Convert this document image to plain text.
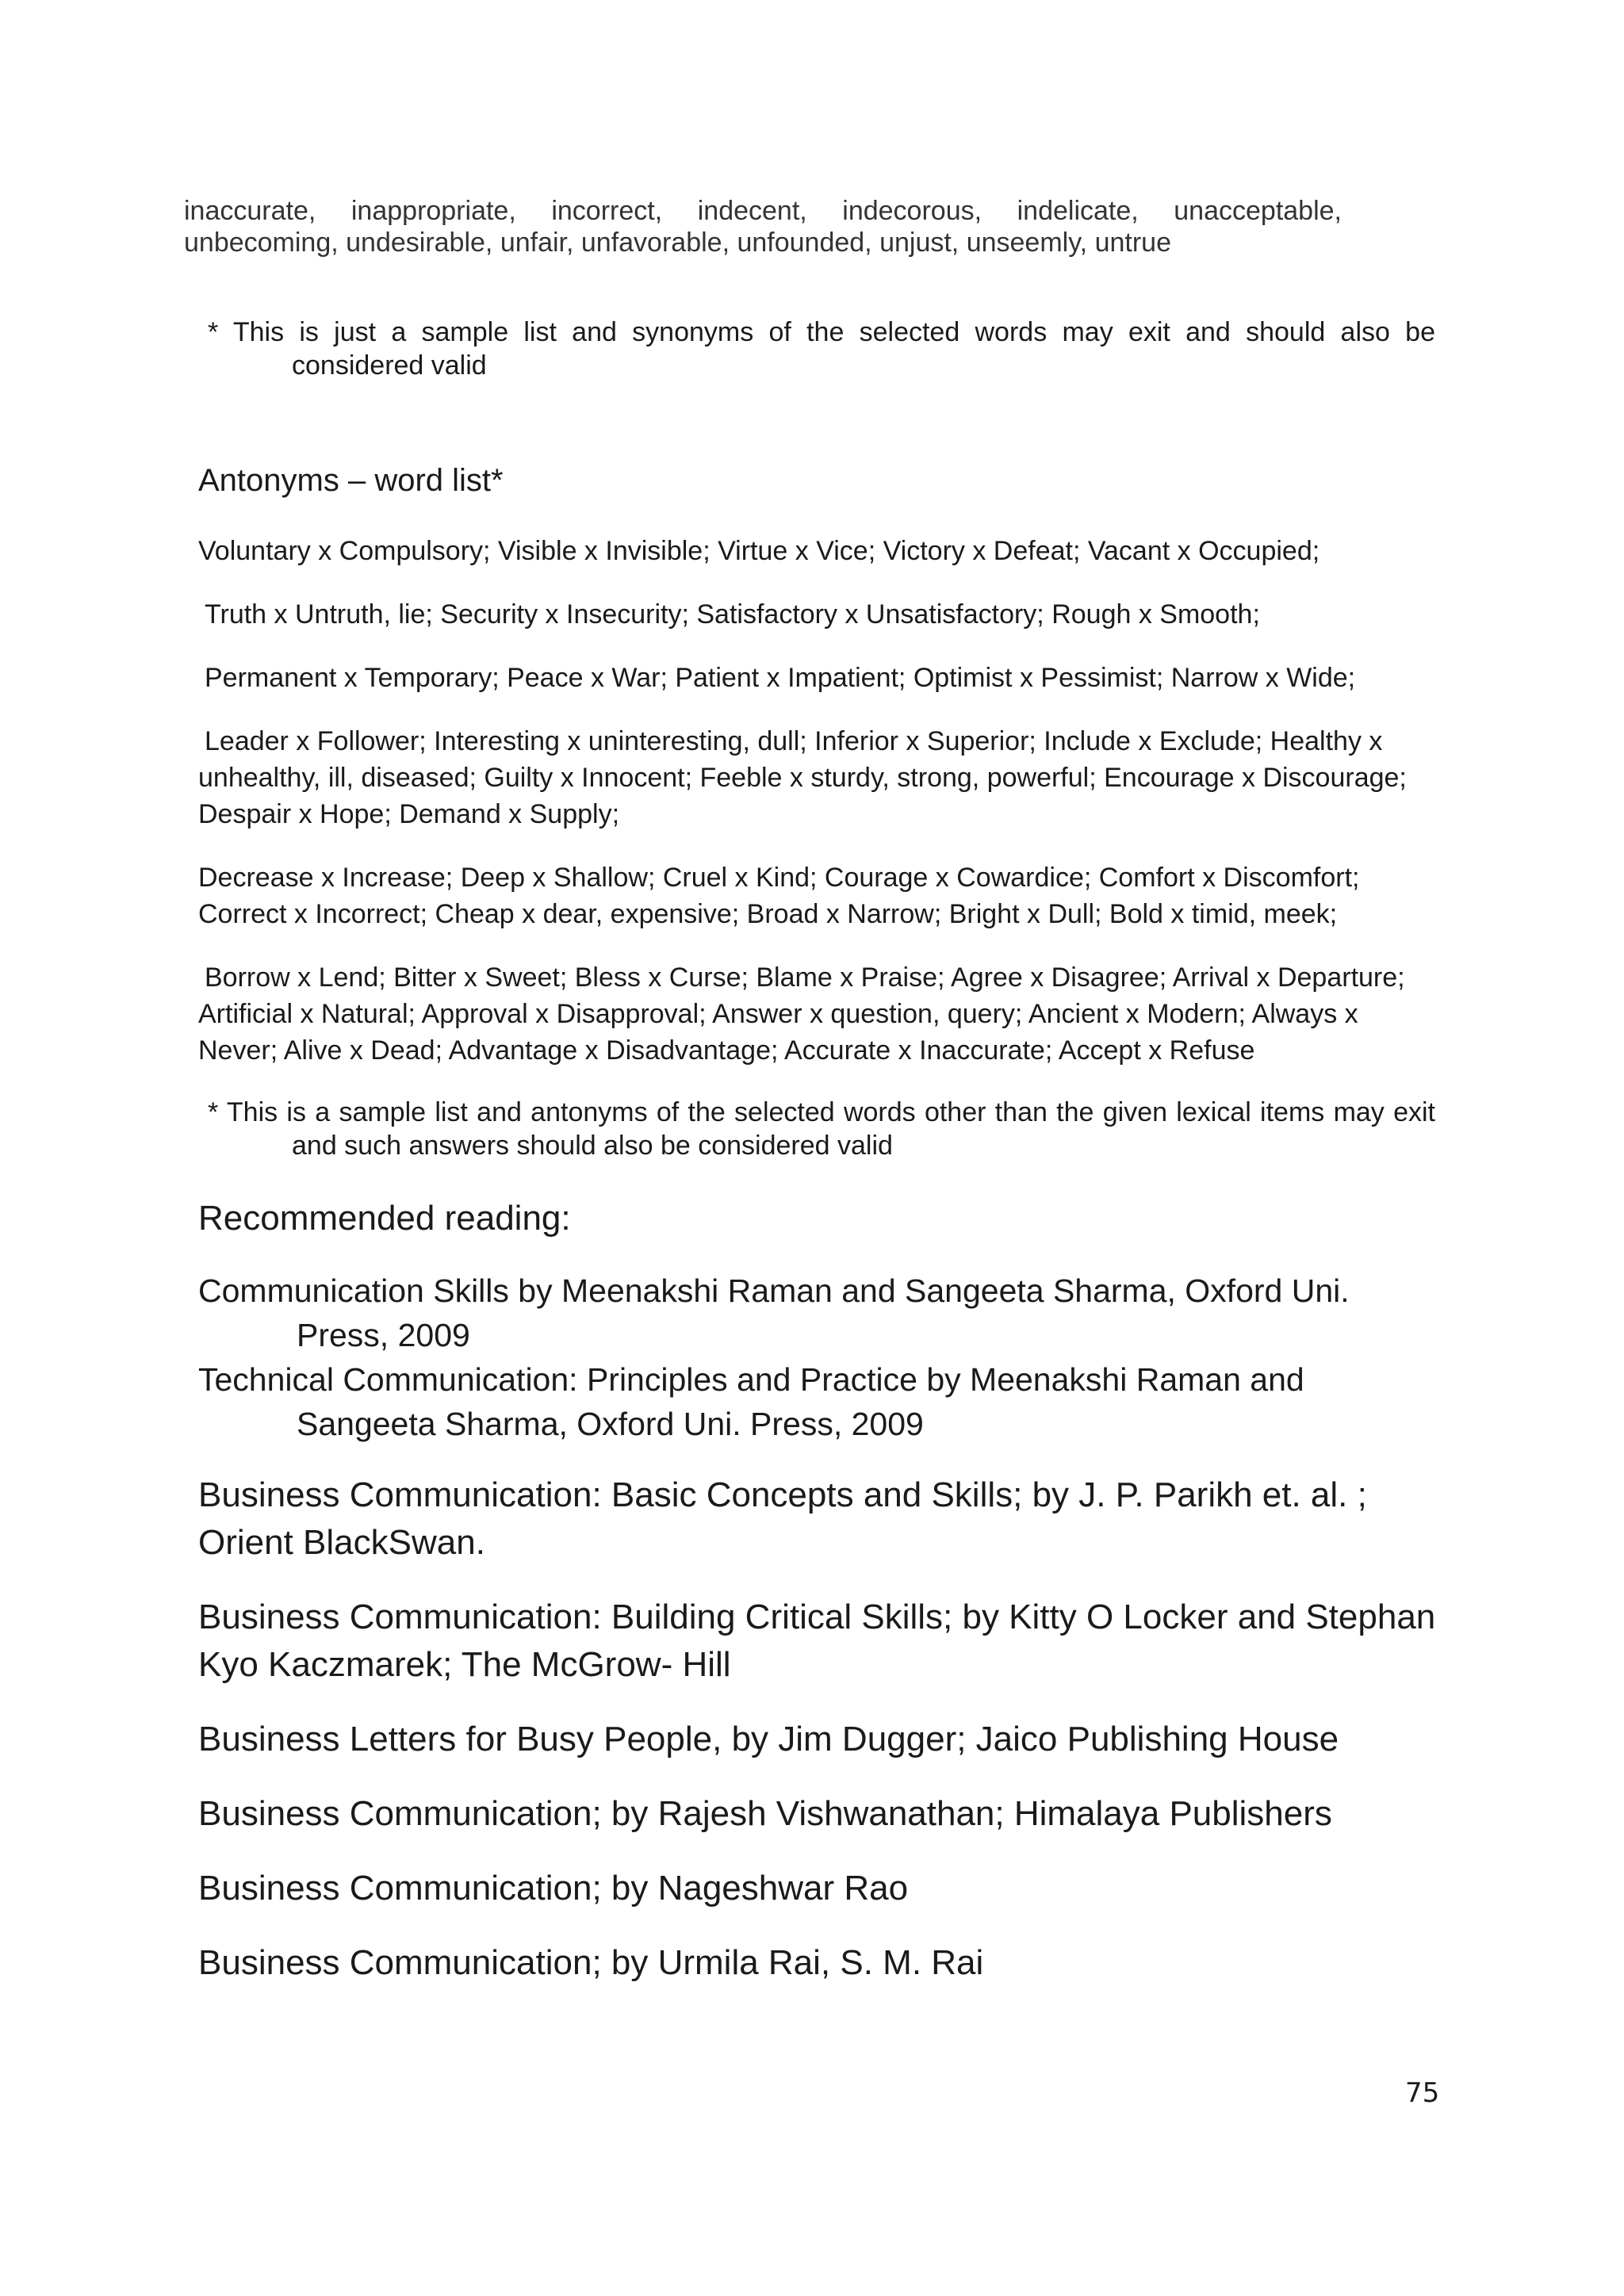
inaccurate, inappropriate, incorrect, indecent, indecorous, indelicate, unacceptable,
unbecoming, undesirable, unfair, unfavorable, unfounded, unjust, unseemly, untrue
* This is just a sample list and synonyms of the selected words may exit and should also be
considered valid
Antonyms – word list*

Voluntary x Compulsory; Visible x Invisible; Virtue x Vice; Victory x Defeat; Vacant x Occupied;

Truth x Untruth, lie; Security x Insecurity; Satisfactory x Unsatisfactory; Rough x Smooth;

Permanent x Temporary; Peace x War; Patient x Impatient; Optimist x Pessimist; Narrow x Wide;

Leader x Follower; Interesting x uninteresting, dull; Inferior x Superior; Include x Exclude; Healthy x unhealthy, ill, diseased; Guilty x Innocent; Feeble x sturdy, strong, powerful; Encourage x Discourage; Despair x Hope; Demand x Supply;

Decrease x Increase; Deep x Shallow; Cruel x Kind; Courage x Cowardice; Comfort x Discomfort; Correct x Incorrect; Cheap x dear, expensive; Broad x Narrow; Bright x Dull; Bold x timid, meek;

Borrow x Lend; Bitter x Sweet; Bless x Curse; Blame x Praise; Agree x Disagree; Arrival x Departure; Artificial x Natural; Approval x Disapproval; Answer x question, query; Ancient x Modern; Always x Never; Alive x Dead; Advantage x Disadvantage; Accurate x Inaccurate; Accept x Refuse

* This is a sample list and antonyms of the selected words other than the given lexical items may exit
and such answers should also be considered valid
Recommended reading:

Communication Skills by Meenakshi Raman and Sangeeta Sharma, Oxford Uni.
Press, 2009

Technical Communication: Principles and Practice by Meenakshi Raman and
Sangeeta Sharma, Oxford Uni. Press, 2009

Business Communication: Basic Concepts and Skills; by J. P. Parikh et. al. ; Orient BlackSwan.

Business Communication: Building Critical Skills; by Kitty O Locker and Stephan Kyo Kaczmarek; The McGrow- Hill

Business Letters for Busy People, by Jim Dugger; Jaico Publishing House

Business Communication; by Rajesh Vishwanathan; Himalaya Publishers

Business Communication; by Nageshwar Rao

Business Communication; by Urmila Rai, S. M. Rai

75
